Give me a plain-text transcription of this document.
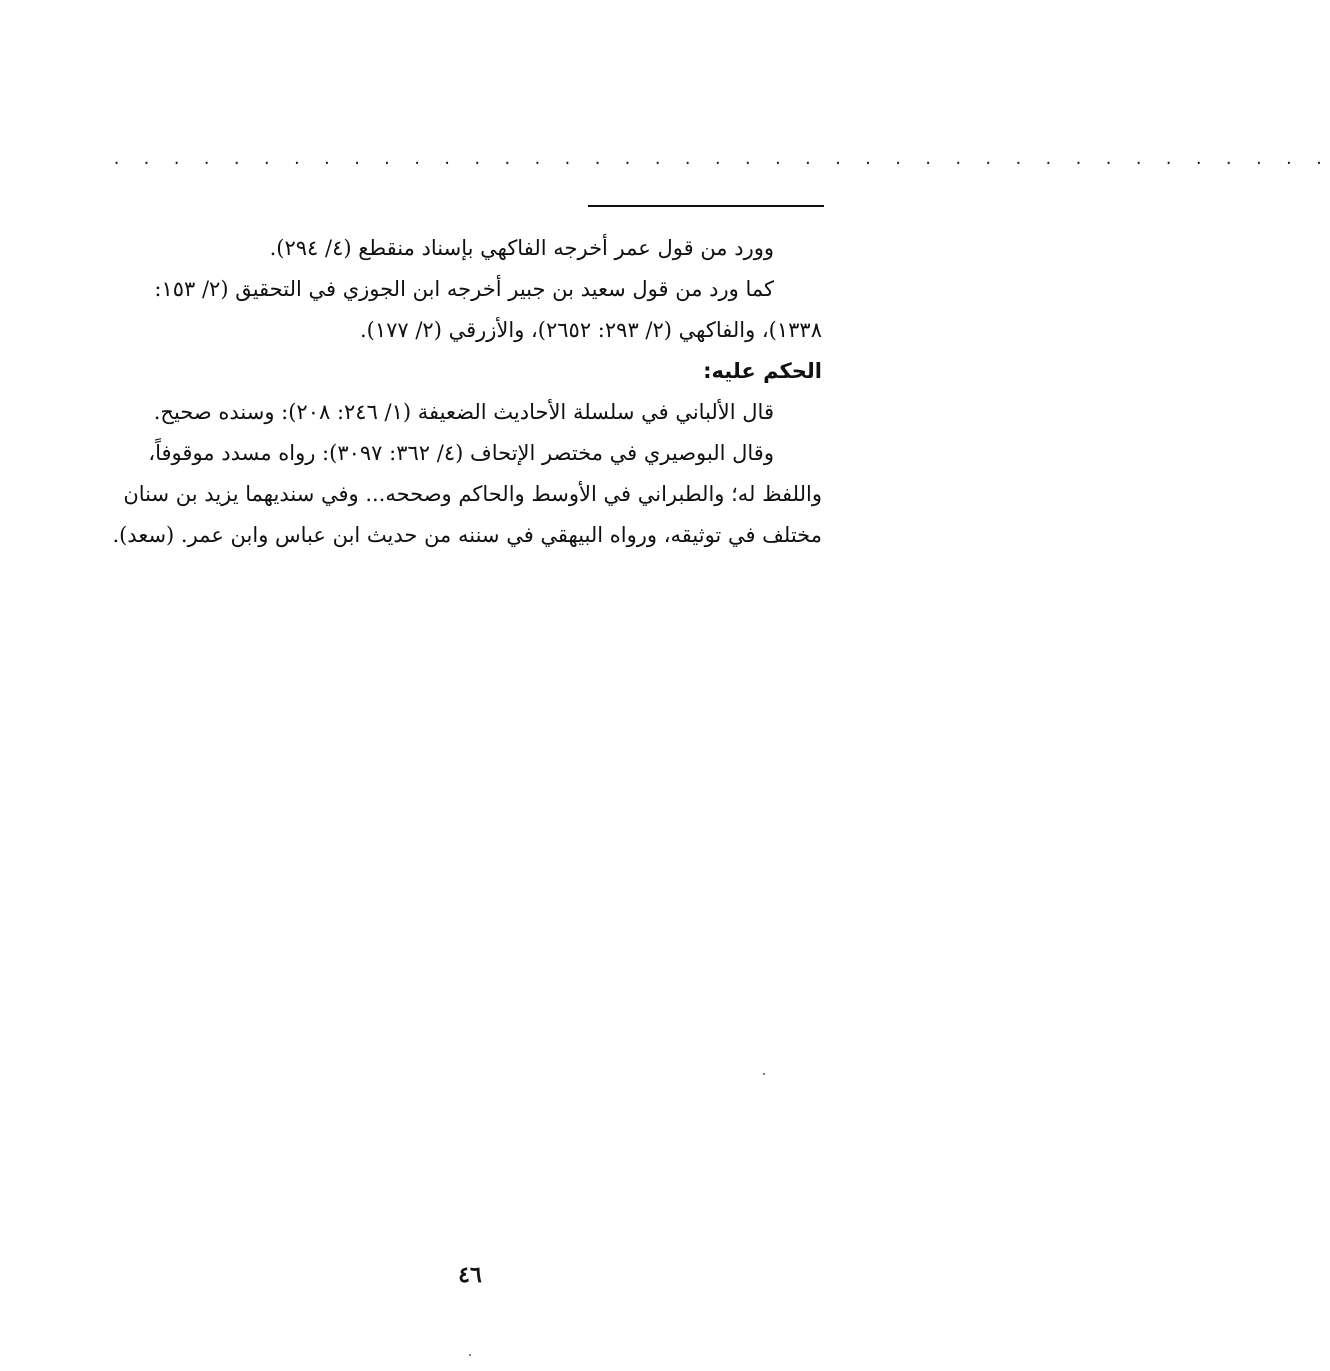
. . . . . . . . . . . . . . . . . . . . . . . . . . . . . . . . . . . . . . . . .
وورد من قول عمر أخرجه الفاكهي بإسناد منقطع (٤/ ٢٩٤).
كما ورد من قول سعيد بن جبير أخرجه ابن الجوزي في التحقيق (٢/ ١٥٣:
١٣٣٨)، والفاكهي (٢/ ٢٩٣: ٢٦٥٢)، والأزرقي (٢/ ١٧٧).
الحكم عليه:
قال الألباني في سلسلة الأحاديث الضعيفة (١/ ٢٤٦: ٢٠٨): وسنده صحيح.
وقال البوصيري في مختصر الإتحاف (٤/ ٣٦٢: ٣٠٩٧): رواه مسدد موقوفاً،
واللفظ له؛ والطبراني في الأوسط والحاكم وصححه... وفي سنديهما يزيد بن سنان
مختلف في توثيقه، ورواه البيهقي في سننه من حديث ابن عباس وابن عمر. (سعد).
٤٦
